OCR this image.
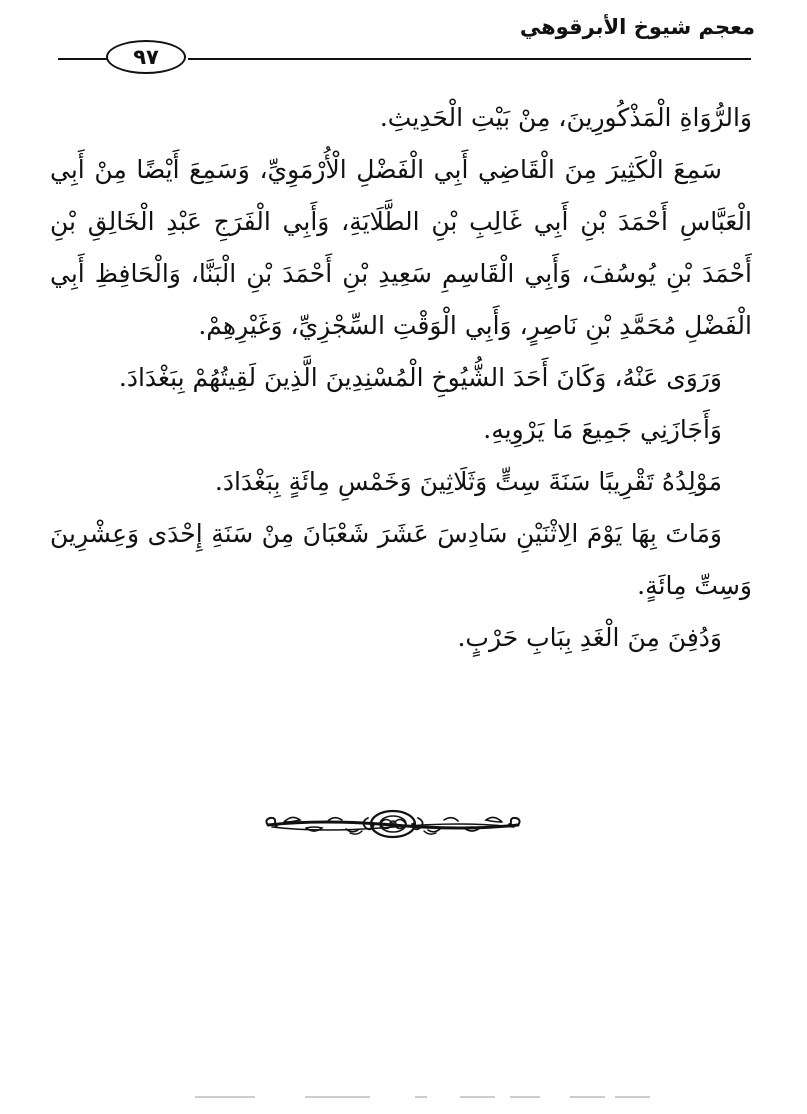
معجم شيوخ الأبرقوهي
٩٧

وَالرُّوَاةِ الْمَذْكُورِينَ، مِنْ بَيْتِ الْحَدِيثِ.

سَمِعَ الْكَثِيرَ مِنَ الْقَاضِي أَبِي الْفَضْلِ الْأُرْمَوِيِّ، وَسَمِعَ أَيْضًا مِنْ أَبِي الْعَبَّاسِ أَحْمَدَ بْنِ أَبِي غَالِبِ بْنِ الطَّلَايَةِ، وَأَبِي الْفَرَجِ عَبْدِ الْخَالِقِ بْنِ أَحْمَدَ بْنِ يُوسُفَ، وَأَبِي الْقَاسِمِ سَعِيدِ بْنِ أَحْمَدَ بْنِ الْبَنَّا، وَالْحَافِظِ أَبِي الْفَضْلِ مُحَمَّدِ بْنِ نَاصِرٍ، وَأَبِي الْوَقْتِ السِّجْزِيِّ، وَغَيْرِهِمْ.

وَرَوَى عَنْهُ، وَكَانَ أَحَدَ الشُّيُوخِ الْمُسْنِدِينَ الَّذِينَ لَقِيتُهُمْ بِبَغْدَادَ.

وَأَجَازَنِي جَمِيعَ مَا يَرْوِيهِ.

مَوْلِدُهُ تَقْرِيبًا سَنَةَ سِتٍّ وَثَلَاثِينَ وَخَمْسِ مِائَةٍ بِبَغْدَادَ.

وَمَاتَ بِهَا يَوْمَ الِاثْنَيْنِ سَادِسَ عَشَرَ شَعْبَانَ مِنْ سَنَةِ إِحْدَى وَعِشْرِينَ وَسِتِّ مِائَةٍ.

وَدُفِنَ مِنَ الْغَدِ بِبَابِ حَرْبٍ.
